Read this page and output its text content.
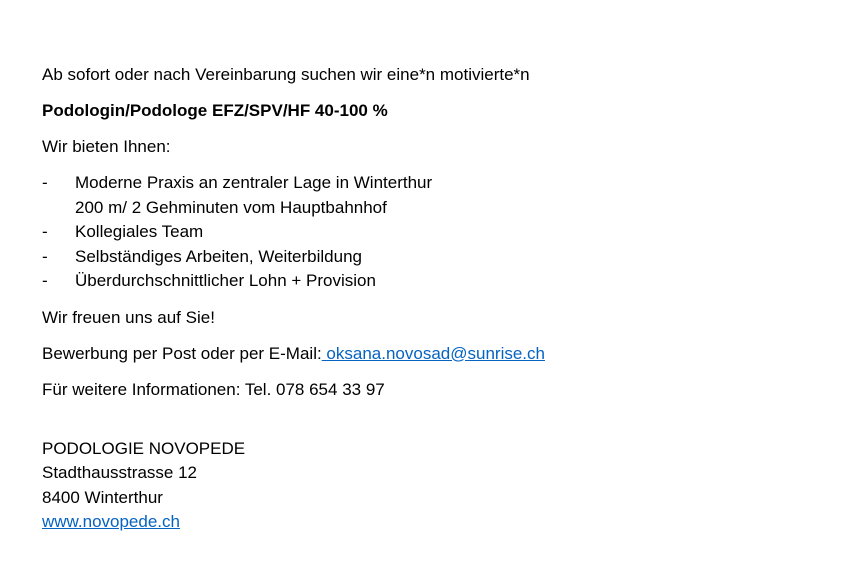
Ab sofort oder nach Vereinbarung suchen wir eine*n motivierte*n

Podologin/Podologe EFZ/SPV/HF 40-100 %

Wir bieten Ihnen:

-	Moderne Praxis an zentraler Lage in Winterthur
200 m/ 2 Gehminuten vom Hauptbahnhof
-	Kollegiales Team
-	Selbständiges Arbeiten, Weiterbildung
-	Überdurchschnittlicher Lohn + Provision

Wir freuen uns auf Sie!

Bewerbung per Post oder per E-Mail: oksana.novosad@sunrise.ch

Für weitere Informationen: Tel. 078 654 33 97

PODOLOGIE NOVOPEDE
Stadthausstrasse 12
8400 Winterthur
www.novopede.ch
